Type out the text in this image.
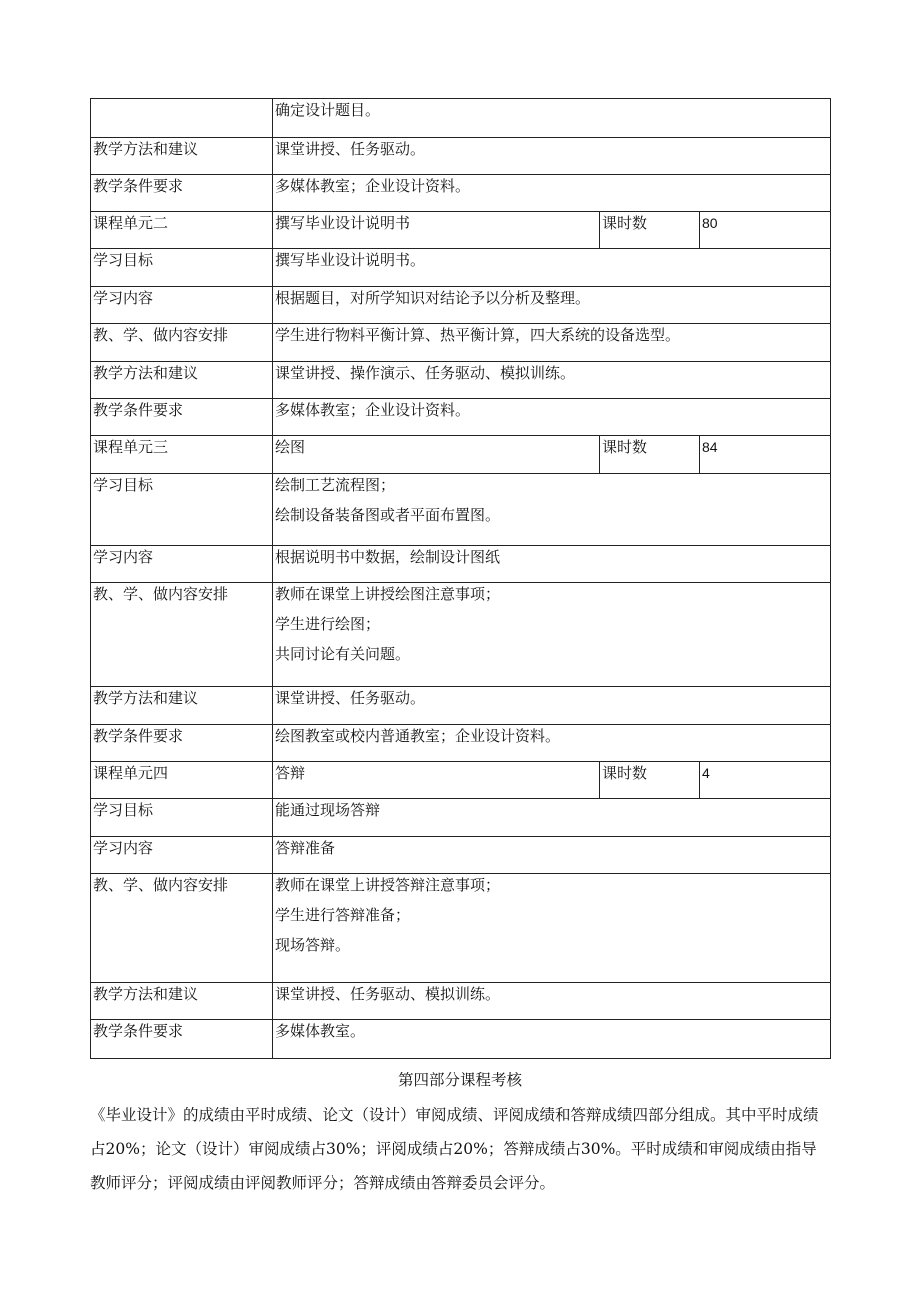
	确定设计题目。		
教学方法和建议	课堂讲授、任务驱动。		
教学条件要求	多媒体教室；企业设计资料。		
课程单元二	撰写毕业设计说明书	课时数	80
学习目标	撰写毕业设计说明书。		
学习内容	根据题目，对所学知识对结论予以分析及整理。		
教、学、做内容安排	学生进行物料平衡计算、热平衡计算，四大系统的设备选型。		
教学方法和建议	课堂讲授、操作演示、任务驱动、模拟训练。		
教学条件要求	多媒体教室；企业设计资料。		
课程单元三	绘图	课时数	84
学习目标	绘制工艺流程图；
绘制设备装备图或者平面布置图。		

学习内容	根据说明书中数据，绘制设计图纸		
教、学、做内容安排	教师在课堂上讲授绘图注意事项；
学生进行绘图；
共同讨论有关问题。		

教学方法和建议	课堂讲授、任务驱动。		
教学条件要求	绘图教室或校内普通教室；企业设计资料。		
课程单元四	答辩	课时数	4
学习目标	能通过现场答辩		
学习内容	答辩准备		
教、学、做内容安排	教师在课堂上讲授答辩注意事项；
学生进行答辩准备；
现场答辩。		

教学方法和建议	课堂讲授、任务驱动、模拟训练。		
教学条件要求	多媒体教室。		
第四部分课程考核
《毕业设计》的成绩由平时成绩、论文（设计）审阅成绩、评阅成绩和答辩成绩四部分组成。其中平时成绩占20%；论文（设计）审阅成绩占30%；评阅成绩占20%；答辩成绩占30%。平时成绩和审阅成绩由指导教师评分；评阅成绩由评阅教师评分；答辩成绩由答辩委员会评分。
